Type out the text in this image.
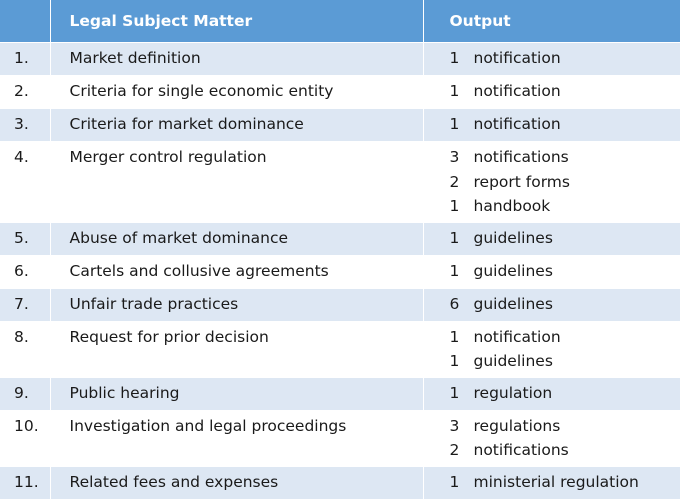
	Legal Subject Matter	Output
1.	Market definition	1 notification

2.	Criteria for single economic entity	1 notification

3.	Criteria for market dominance	1 notification

4.	Merger control regulation	3 notifications
2 report forms
1 handbook

5.	Abuse of market dominance	1 guidelines

6.	Cartels and collusive agreements	1 guidelines

7.	Unfair trade practices	6 guidelines

8.	Request for prior decision	1 notification
1 guidelines

9.	Public hearing	1 regulation

10.	Investigation and legal proceedings	3 regulations
2 notifications

11.	Related fees and expenses	1 ministerial regulation
